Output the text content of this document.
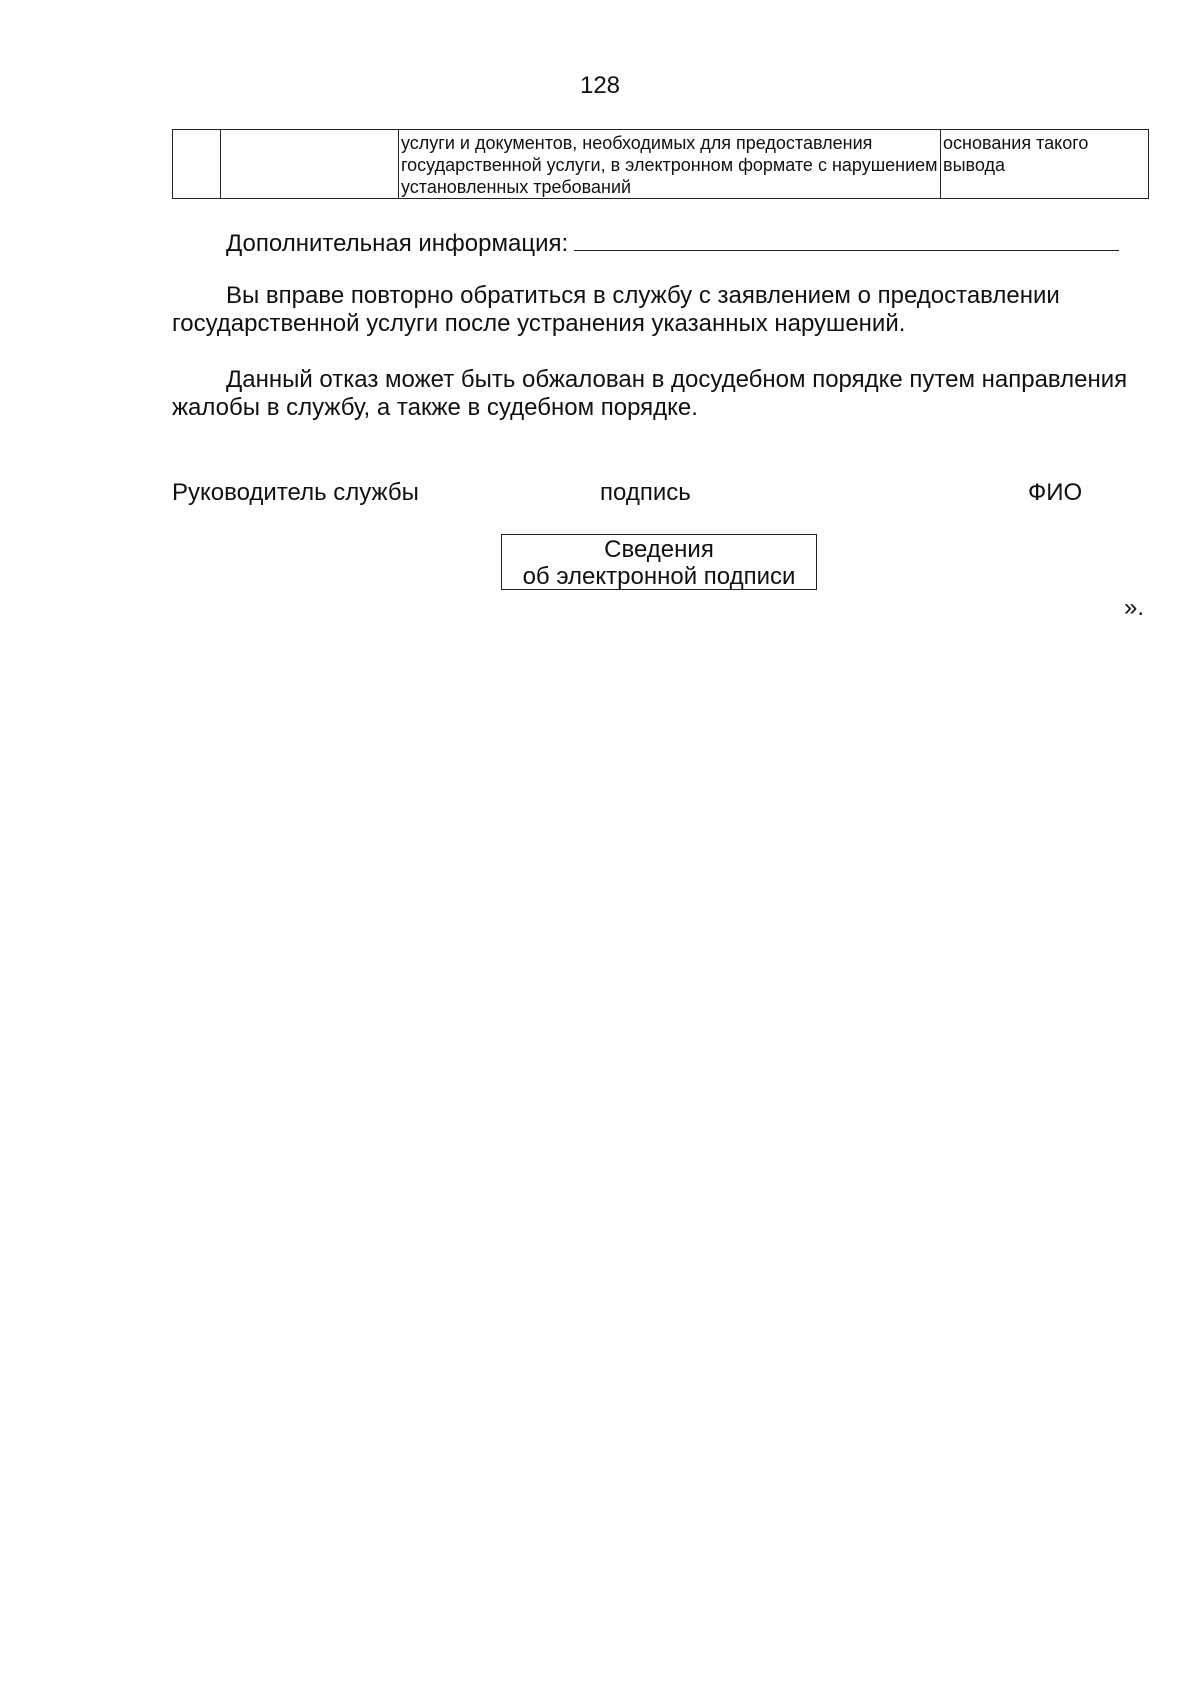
128
		услуги и документов, необходимых для предоставления государственной услуги, в электронном формате с нарушением установленных требований	основания такого вывода
Дополнительная информация:

Вы вправе повторно обратиться в службу с заявлением о предоставлении государственной услуги после устранения указанных нарушений.

Данный отказ может быть обжалован в досудебном порядке путем направления жалобы в службу, а также в судебном порядке.

Руководитель службы	подпись	ФИО
Сведения
об электронной подписи
».
